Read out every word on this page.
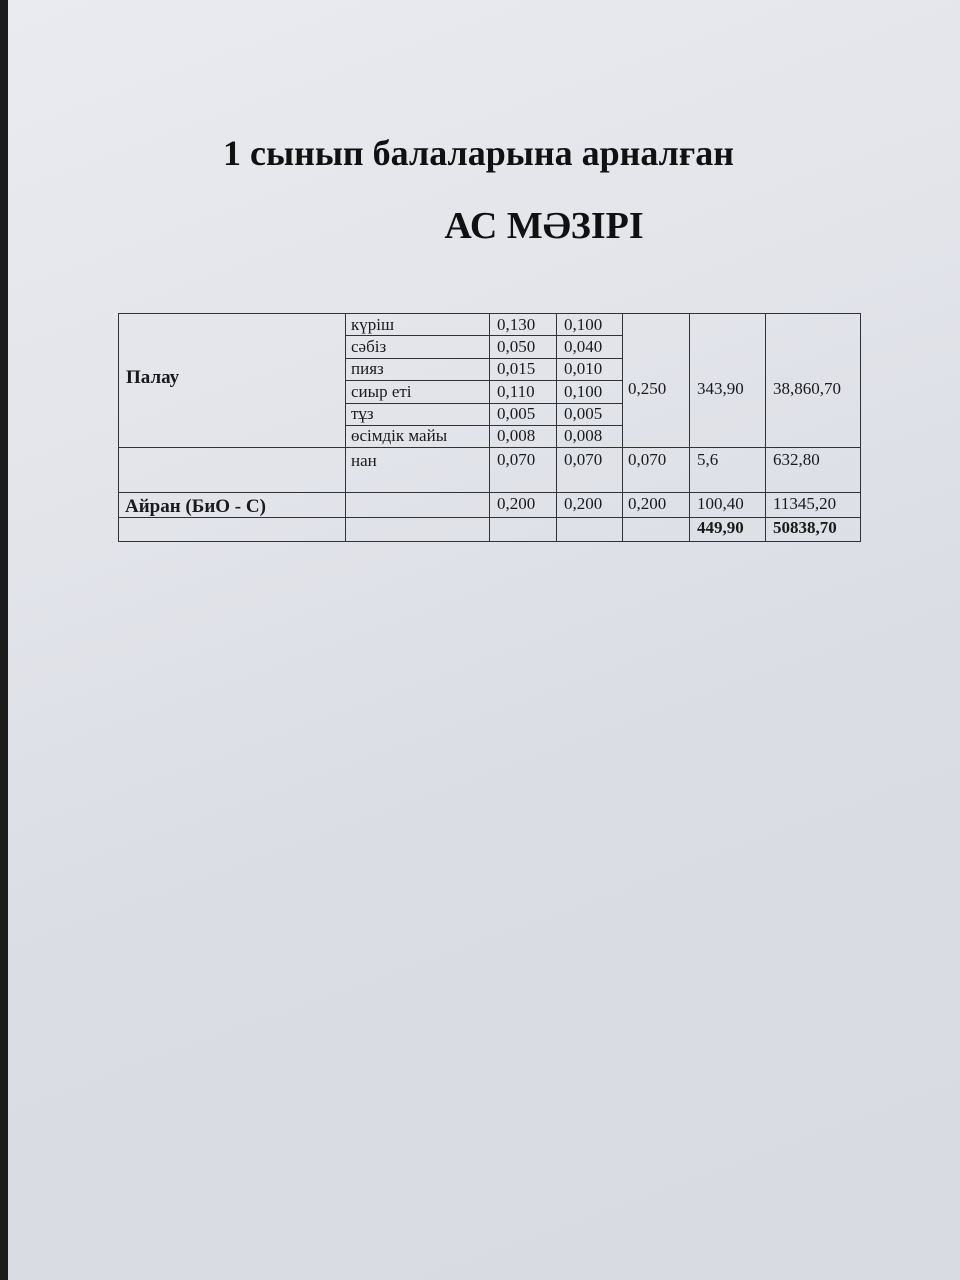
1 сынып балаларына арналған
АС МӘЗІРІ
Палау
күріш	0,130 0,100
сәбіз	0,050 0,040
пияз	0,015 0,010
сиыр еті	0,110 0,100
тұз	0,005 0,005
өсімдік майы	0,008 0,008
0,250 343,90 38,860,70
нан	0,070 0,070 0,070 5,6	632,80
Айран (БиО - С)	0,200 0,200 0,200 100,40 11345,20
449,90 50838,70
